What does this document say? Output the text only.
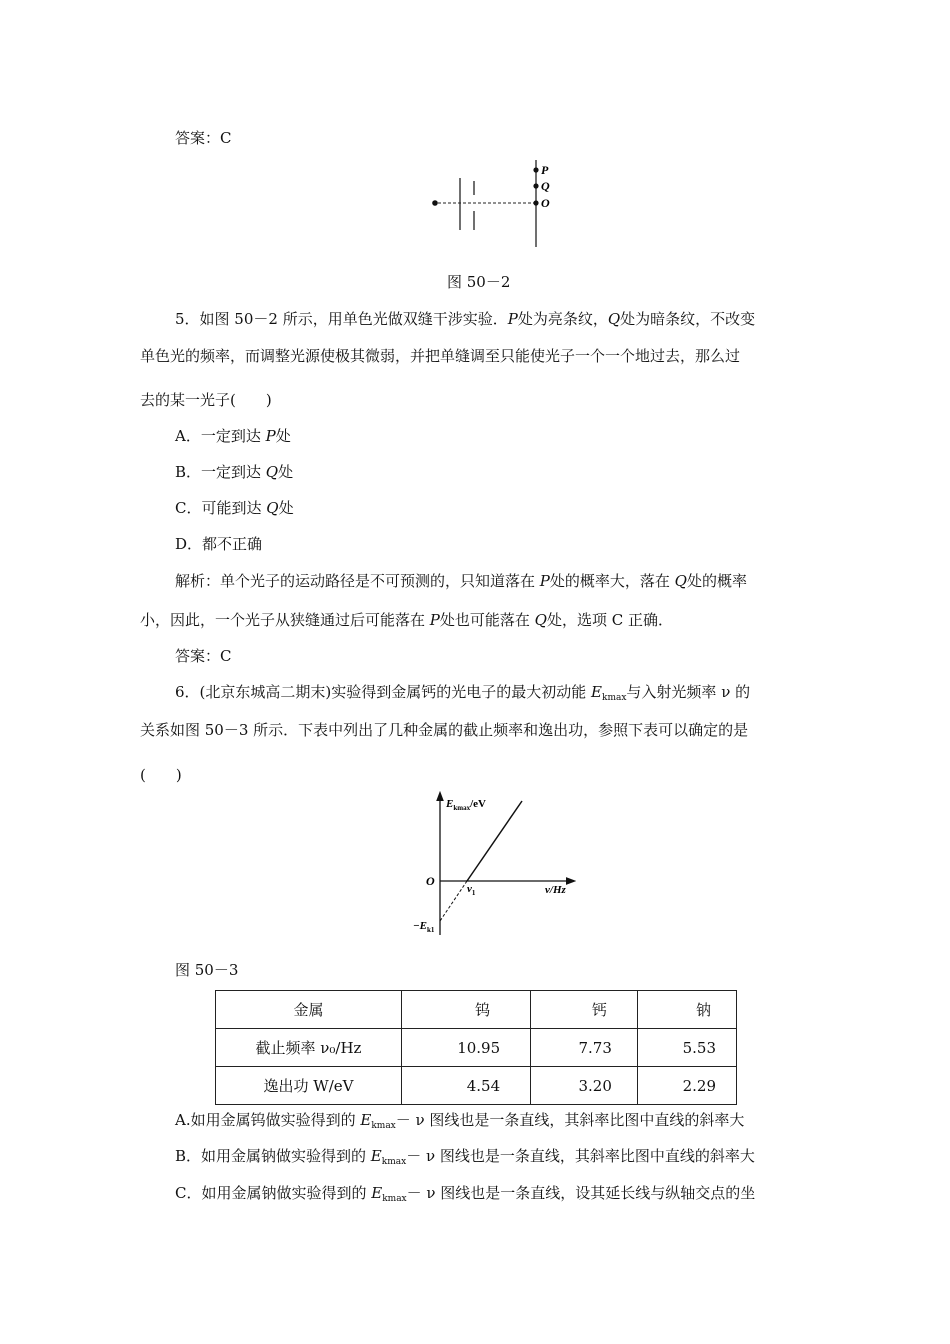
答案：C
P
Q
O
图 50－2
5．如图 50－2 所示，用单色光做双缝干涉实验．P处为亮条纹，Q处为暗条纹，不改变
单色光的频率，而调整光源使极其微弱，并把单缝调至只能使光子一个一个地过去，那么过
去的某一光子(　　)
A．一定到达 P处
B．一定到达 Q处
C．可能到达 Q处
D．都不正确
解析：单个光子的运动路径是不可预测的，只知道落在 P处的概率大，落在 Q处的概率
小，因此，一个光子从狭缝通过后可能落在 P处也可能落在 Q处，选项 C 正确．
答案：C
6．(北京东城高二期末)实验得到金属钙的光电子的最大初动能 $E_{kmax}$与入射光频率 ν 的
关系如图 50－3 所示．下表中列出了几种金属的截止频率和逸出功，参照下表可以确定的是
(　　)
$E_{kmax}/eV$
ν/Hz
O
$\nu_1$
$-E_{k1}$
图 50－3
金属	钨	钙	钠
截止频率 ν₀/Hz	10.95	7.73	5.53
逸出功 W/eV	4.54	3.20	2.29
A.如用金属钨做实验得到的 $E_{kmax}- \nu$ 图线也是一条直线，其斜率比图中直线的斜率大
B．如用金属钠做实验得到的 $E_{kmax}- \nu$ 图线也是一条直线，其斜率比图中直线的斜率大
C．如用金属钠做实验得到的 $E_{kmax}- \nu$ 图线也是一条直线，设其延长线与纵轴交点的坐
